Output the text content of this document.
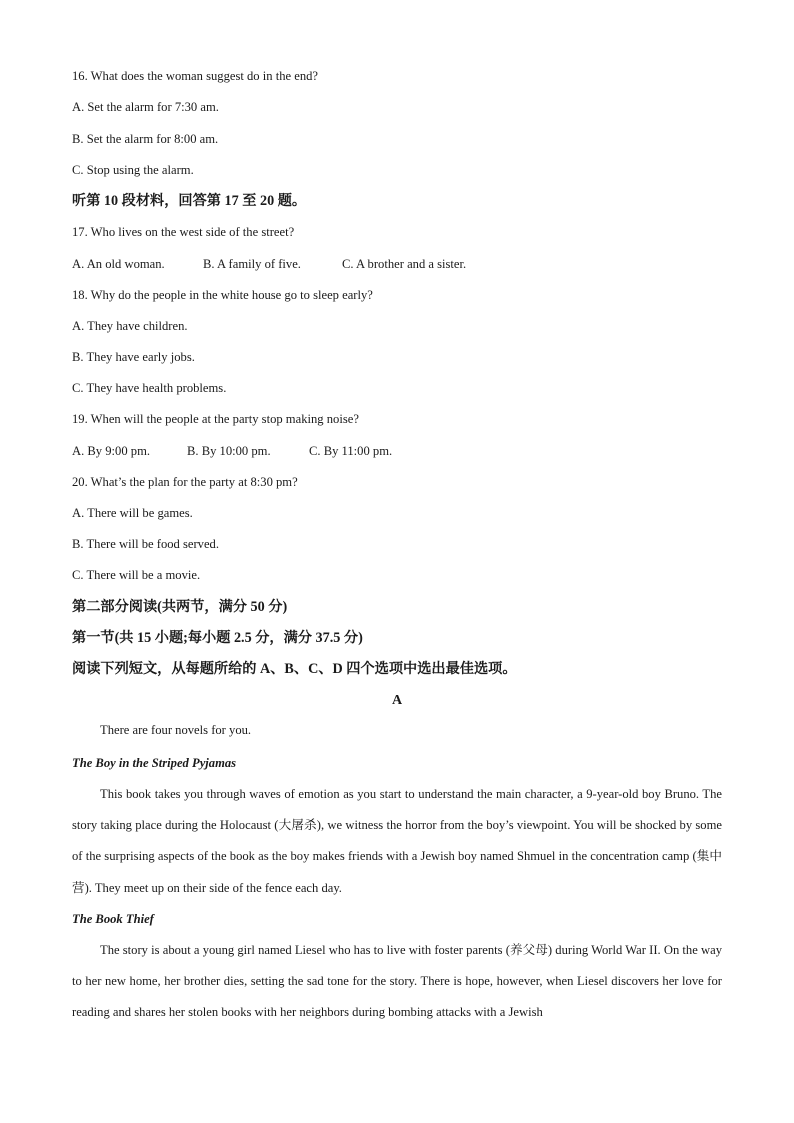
16. What does the woman suggest do in the end?
A. Set the alarm for 7:30 am.
B. Set the alarm for 8:00 am.
C. Stop using the alarm.
听第 10 段材料，回答第 17 至 20 题。
17. Who lives on the west side of the street?
A. An old woman.	B. A family of five.	C. A brother and a sister.
18. Why do the people in the white house go to sleep early?
A. They have children.
B. They have early jobs.
C. They have health problems.
19. When will the people at the party stop making noise?
A. By 9:00 pm.	B. By 10:00 pm.	C. By 11:00 pm.
20. What’s the plan for the party at 8:30 pm?
A. There will be games.
B. There will be food served.
C. There will be a movie.
第二部分阅读(共两节，满分 50 分)
第一节(共 15 小题;每小题 2.5 分，满分 37.5 分)
阅读下列短文，从每题所给的 A、B、C、D 四个选项中选出最佳选项。
A
There are four novels for you.
The Boy in the Striped Pyjamas

This book takes you through waves of emotion as you start to understand the main character, a 9-year-old boy Bruno. The story taking place during the Holocaust (大屠杀), we witness the horror from the boy’s viewpoint. You will be shocked by some of the surprising aspects of the book as the boy makes friends with a Jewish boy named Shmuel in the concentration camp (集中营). They meet up on their side of the fence each day.

The Book Thief

The story is about a young girl named Liesel who has to live with foster parents (养父母) during World War II. On the way to her new home, her brother dies, setting the sad tone for the story. There is hope, however, when Liesel discovers her love for reading and shares her stolen books with her neighbors during bombing attacks with a Jewish
